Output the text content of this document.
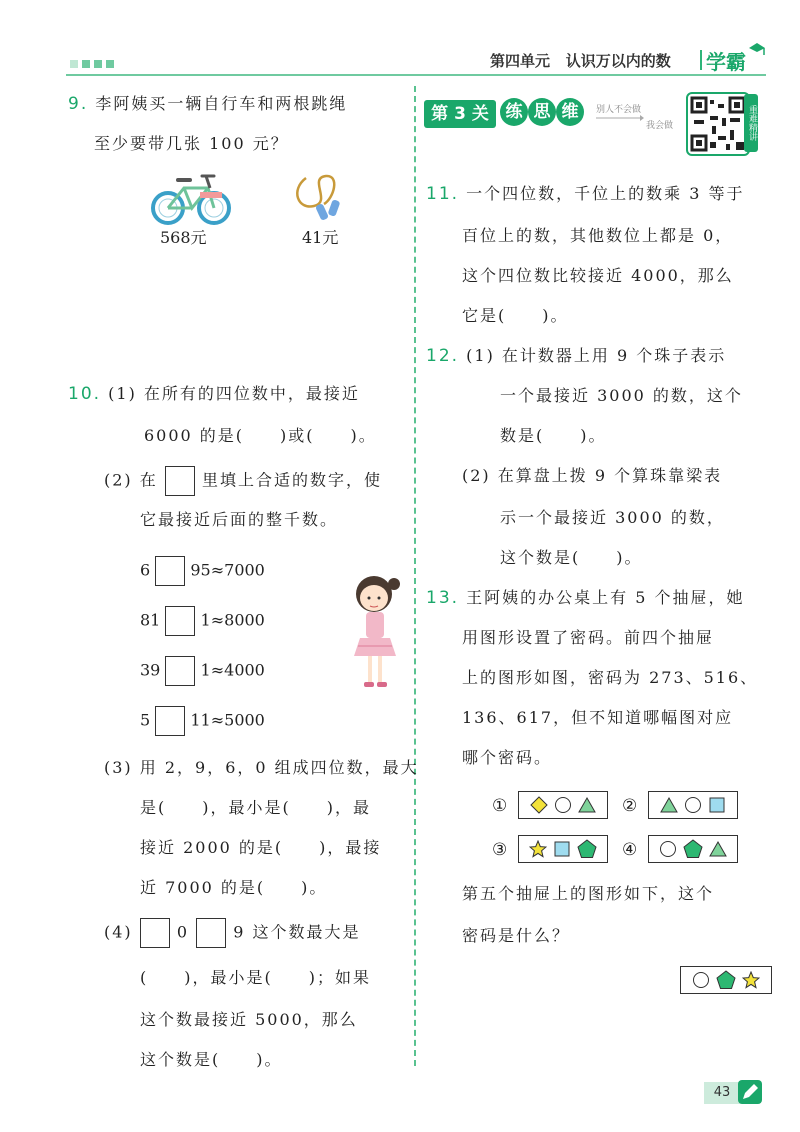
第四单元 认识万以内的数 学霸
9. 李阿姨买一辆自行车和两根跳绳
至少要带几张 100 元？
568元	41元
10. (1) 在所有的四位数中，最接近
6000 的是(　　)或(　　)。
(2) 在	里填上合适的数字，使
它最接近后面的整千数。
6	95≈7000
81	1≈8000
39	1≈4000
5	11≈5000
(3) 用 2，9，6，0 组成四位数，最大
是(　　)，最小是(　　)，最
接近 2000 的是(　　)，最接
近 7000 的是(　　)。
(4)	0	9 这个数最大是
(　　)，最小是(　　)；如果
这个数最接近 5000，那么
这个数是(　　)。
第 3 关 练 思 维	别人不会做
我会做	重难精讲
11. 一个四位数，千位上的数乘 3 等于
百位上的数，其他数位上都是 0，
这个四位数比较接近 4000，那么
它是(　　)。
12. (1) 在计数器上用 9 个珠子表示
一个最接近 3000 的数，这个
数是(　　)。
(2) 在算盘上拨 9 个算珠靠梁表
示一个最接近 3000 的数，
这个数是(　　)。
13. 王阿姨的办公桌上有 5 个抽屉，她
用图形设置了密码。前四个抽屉
上的图形如图，密码为 273、516、
136、617，但不知道哪幅图对应
哪个密码。
①	②
③	④
第五个抽屉上的图形如下，这个
密码是什么？
43
